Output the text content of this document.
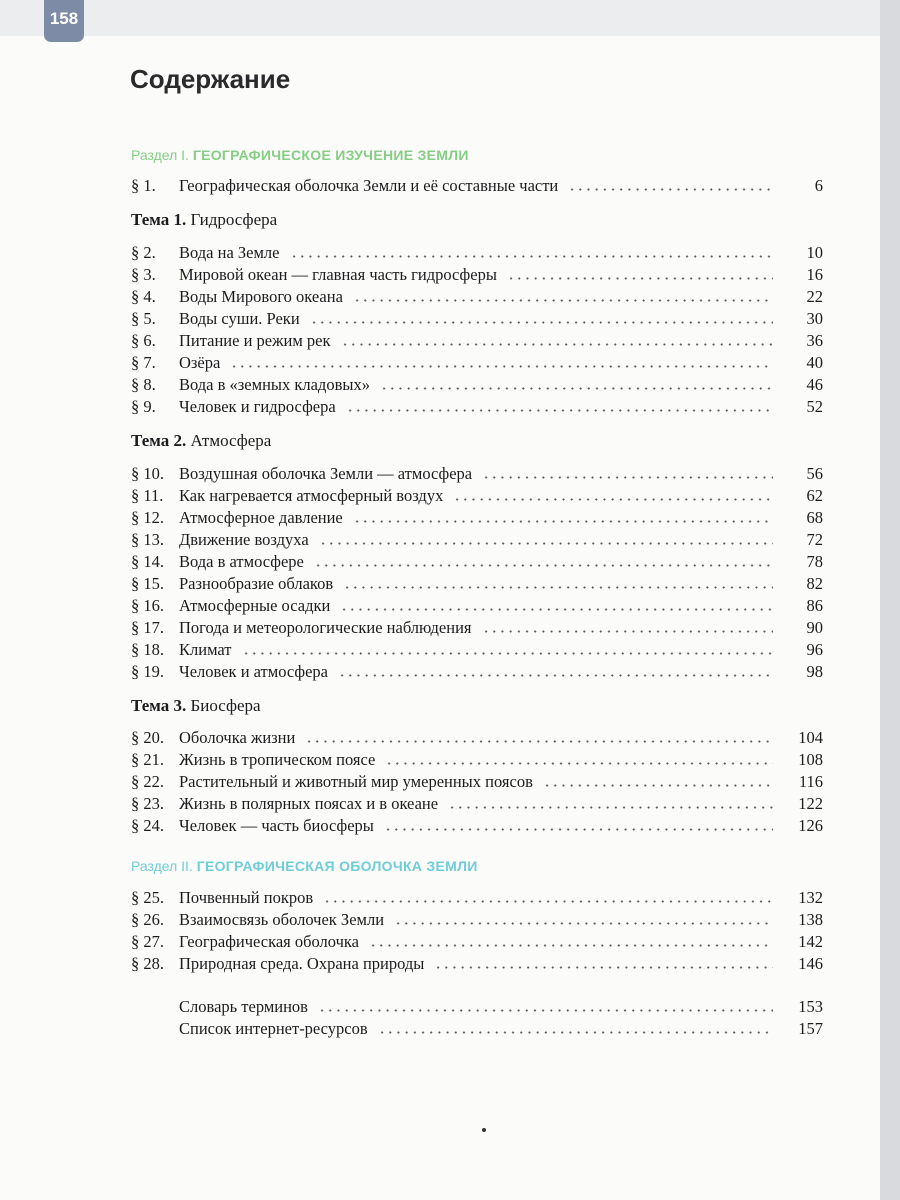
158
Содержание
Раздел I. ГЕОГРАФИЧЕСКОЕ ИЗУЧЕНИЕ ЗЕМЛИ
§ 1.	Географическая оболочка Земли и её составные части	6
Тема 1. Гидросфера
§ 2.	Вода на Земле	10
§ 3.	Мировой океан — главная часть гидросферы	16
§ 4.	Воды Мирового океана	22
§ 5.	Воды суши. Реки	30
§ 6.	Питание и режим рек	36
§ 7.	Озёра	40
§ 8.	Вода в «земных кладовых»	46
§ 9.	Человек и гидросфера	52
Тема 2. Атмосфера
§ 10. Воздушная оболочка Земли — атмосфера	56
§ 11. Как нагревается атмосферный воздух	62
§ 12. Атмосферное давление	68
§ 13. Движение воздуха	72
§ 14. Вода в атмосфере	78
§ 15. Разнообразие облаков	82
§ 16. Атмосферные осадки	86
§ 17. Погода и метеорологические наблюдения	90
§ 18. Климат	96
§ 19. Человек и атмосфера	98
Тема 3. Биосфера
§ 20. Оболочка жизни	104
§ 21. Жизнь в тропическом поясе	108
§ 22. Растительный и животный мир умеренных поясов	116
§ 23. Жизнь в полярных поясах и в океане	122
§ 24. Человек — часть биосферы	126
Раздел II. ГЕОГРАФИЧЕСКАЯ ОБОЛОЧКА ЗЕМЛИ
§ 25. Почвенный покров	132
§ 26. Взаимосвязь оболочек Земли	138
§ 27. Географическая оболочка	142
§ 28. Природная среда. Охрана природы	146
Словарь терминов	153
Список интернет-ресурсов	157
